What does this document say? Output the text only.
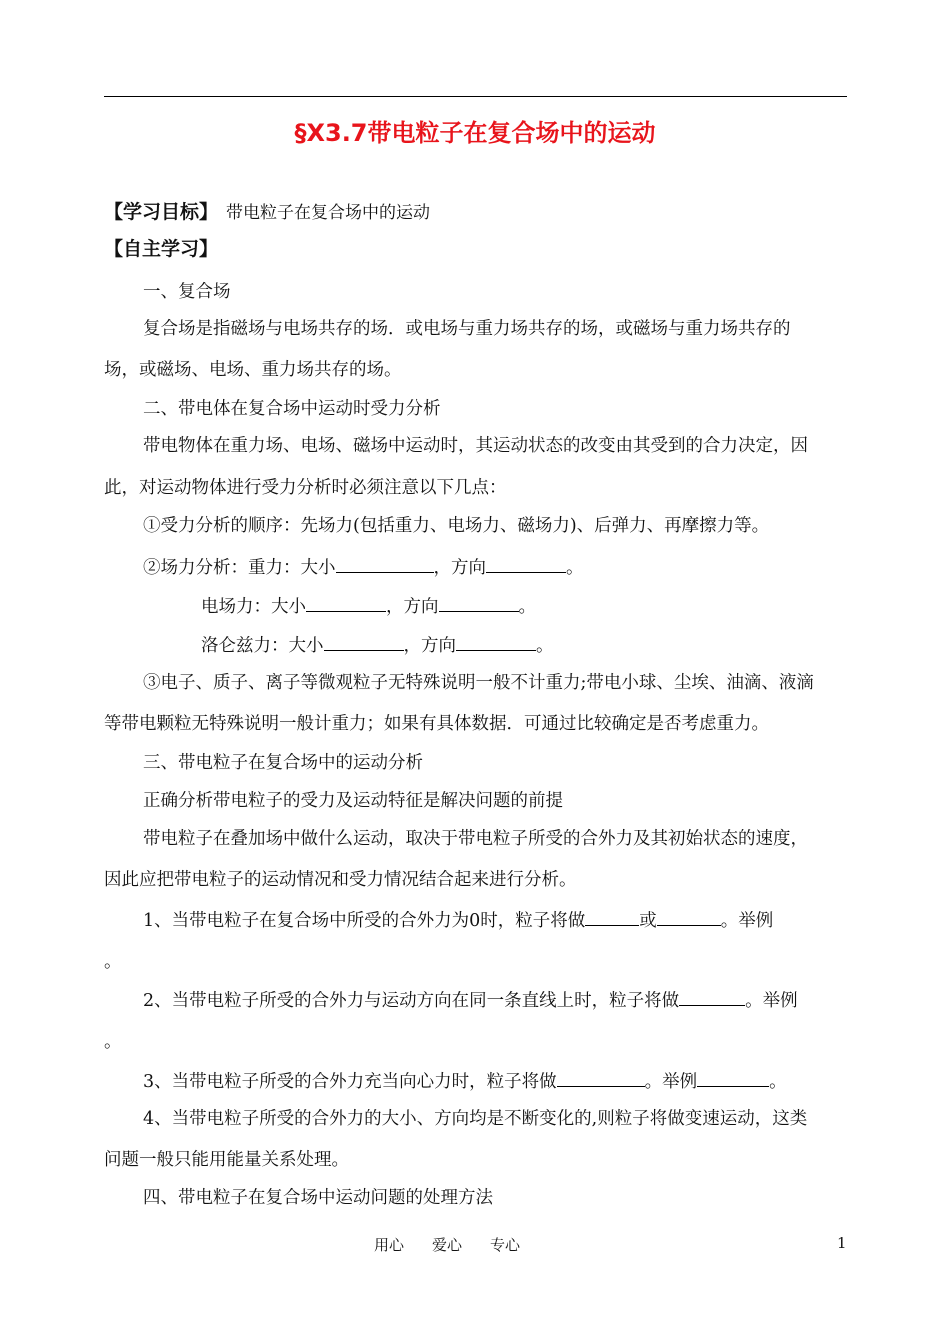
§X3.7带电粒子在复合场中的运动
【学习目标】 带电粒子在复合场中的运动
【自主学习】
一、复合场
复合场是指磁场与电场共存的场．或电场与重力场共存的场，或磁场与重力场共存的
场，或磁场、电场、重力场共存的场。
二、带电体在复合场中运动时受力分析
带电物体在重力场、电场、磁场中运动时，其运动状态的改变由其受到的合力决定，因
此，对运动物体进行受力分析时必须注意以下几点：
①受力分析的顺序：先场力(包括重力、电场力、磁场力)、后弹力、再摩擦力等。
②场力分析：重力：大小	，方向	。
电场力：大小	，方向	。
洛仑兹力：大小	，方向	。
③电子、质子、离子等微观粒子无特殊说明一般不计重力;带电小球、尘埃、油滴、液滴
等带电颗粒无特殊说明一般计重力；如果有具体数据．可通过比较确定是否考虑重力。
三、带电粒子在复合场中的运动分析
正确分析带电粒子的受力及运动特征是解决问题的前提
带电粒子在叠加场中做什么运动，取决于带电粒子所受的合外力及其初始状态的速度，
因此应把带电粒子的运动情况和受力情况结合起来进行分析。
1、当带电粒子在复合场中所受的合外力为0时，粒子将做	或	。举例
。
2、当带电粒子所受的合外力与运动方向在同一条直线上时，粒子将做	。举例
。
3、当带电粒子所受的合外力充当向心力时，粒子将做	。举例	。
4、当带电粒子所受的合外力的大小、方向均是不断变化的,则粒子将做变速运动，这类
问题一般只能用能量关系处理。
四、带电粒子在复合场中运动问题的处理方法
用心 爱心 专心	1
